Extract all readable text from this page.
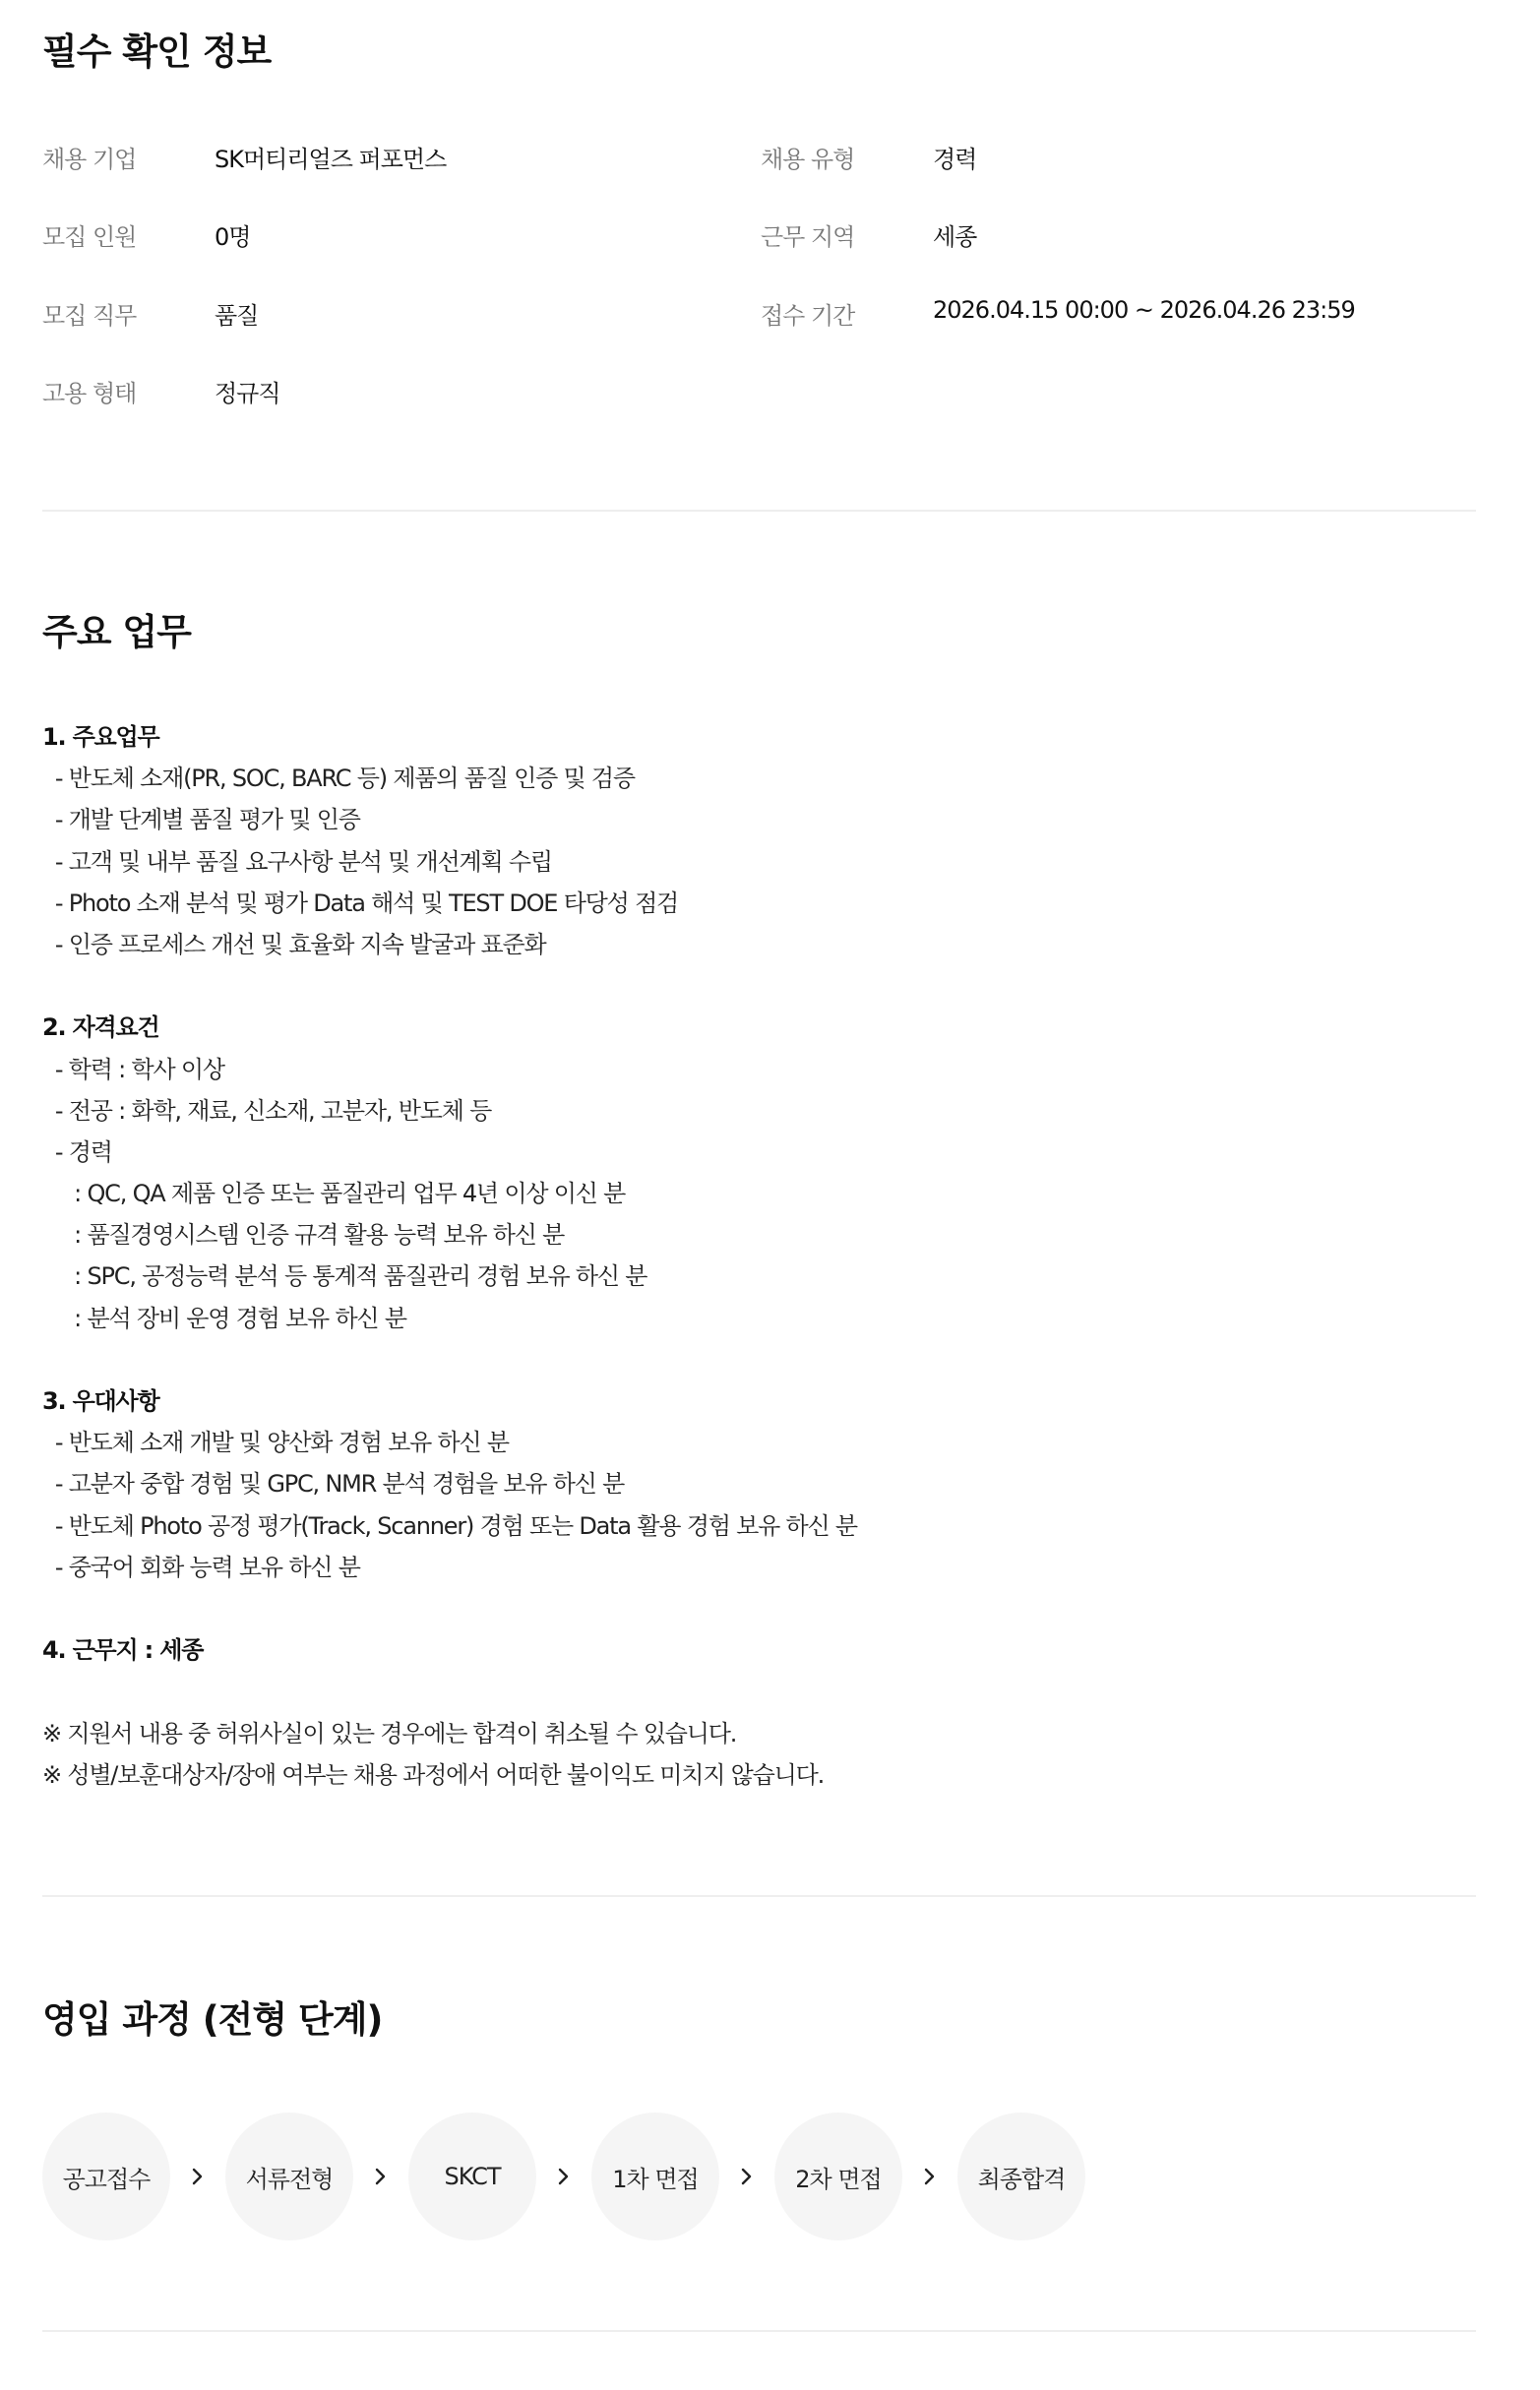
필수 확인 정보
채용 기업	SK머티리얼즈 퍼포먼스	채용 유형	경력
모집 인원	0명	근무 지역	세종
모집 직무	품질	접수 기간	2026.04.15 00:00 ~ 2026.04.26 23:59
고용 형태	정규직
주요 업무
1. 주요업무
- 반도체 소재(PR, SOC, BARC 등) 제품의 품질 인증 및 검증
- 개발 단계별 품질 평가 및 인증
- 고객 및 내부 품질 요구사항 분석 및 개선계획 수립
- Photo 소재 분석 및 평가 Data 해석 및 TEST DOE 타당성 점검
- 인증 프로세스 개선 및 효율화 지속 발굴과 표준화
2. 자격요건
- 학력 : 학사 이상
- 전공 : 화학, 재료, 신소재, 고분자, 반도체 등
- 경력
: QC, QA 제품 인증 또는 품질관리 업무 4년 이상 이신 분
: 품질경영시스템 인증 규격 활용 능력 보유 하신 분
: SPC, 공정능력 분석 등 통계적 품질관리 경험 보유 하신 분
: 분석 장비 운영 경험 보유 하신 분
3. 우대사항
- 반도체 소재 개발 및 양산화 경험 보유 하신 분
- 고분자 중합 경험 및 GPC, NMR 분석 경험을 보유 하신 분
- 반도체 Photo 공정 평가(Track, Scanner) 경험 또는 Data 활용 경험 보유 하신 분
- 중국어 회화 능력 보유 하신 분
4. 근무지 : 세종
※ 지원서 내용 중 허위사실이 있는 경우에는 합격이 취소될 수 있습니다.
※ 성별/보훈대상자/장애 여부는 채용 과정에서 어떠한 불이익도 미치지 않습니다.
영입 과정 (전형 단계)
공고접수	서류전형	SKCT	1차 면접	2차 면접	최종합격
